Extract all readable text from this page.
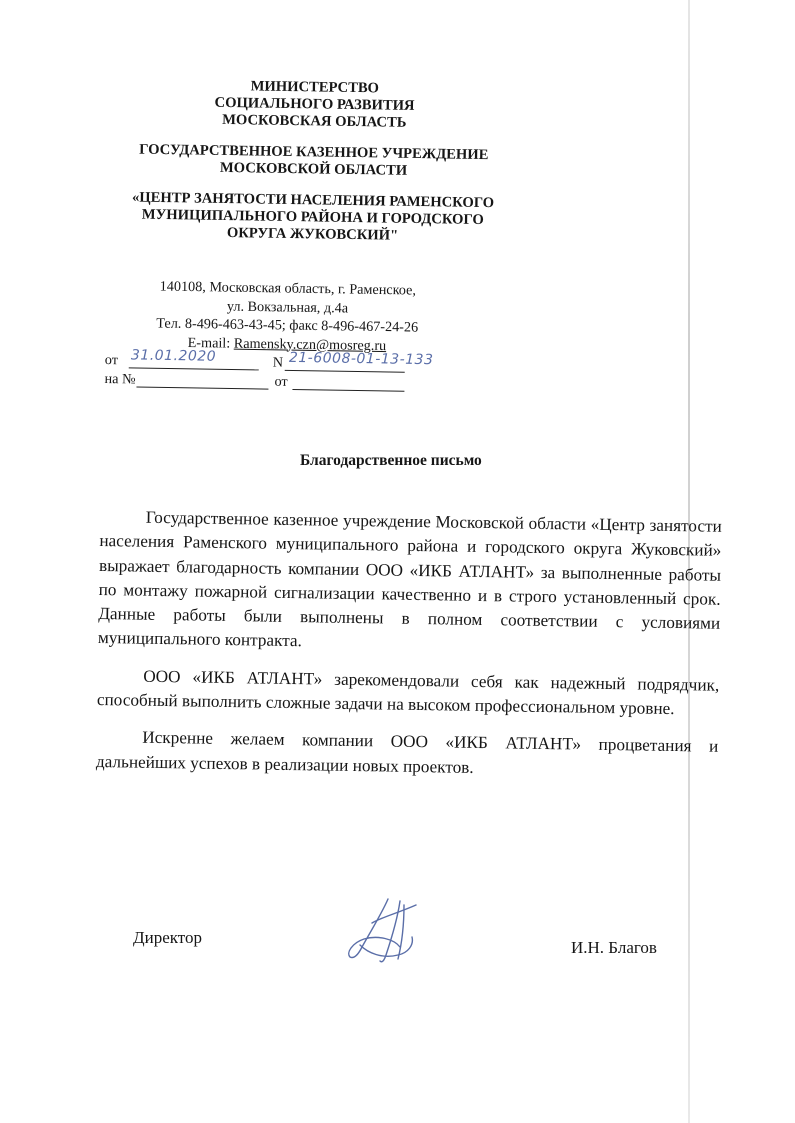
МИНИСТЕРСТВО
СОЦИАЛЬНОГО РАЗВИТИЯ
МОСКОВСКАЯ ОБЛАСТЬ
ГОСУДАРСТВЕННОЕ КАЗЕННОЕ УЧРЕЖДЕНИЕ
МОСКОВСКОЙ ОБЛАСТИ
«ЦЕНТР ЗАНЯТОСТИ НАСЕЛЕНИЯ РАМЕНСКОГО
МУНИЦИПАЛЬНОГО РАЙОНА И ГОРОДСКОГО
ОКРУГА ЖУКОВСКИЙ"
140108, Московская область, г. Раменское,
ул. Вокзальная, д.4а
Тел. 8-496-463-43-45; факс 8-496-467-24-26
E-mail: Ramensky.czn@mosreg.ru
от 31.01.2020	N 21-6008-01-13-133
на №	от
Благодарственное письмо

Государственное казенное учреждение Московской области «Центр занятости населения Раменского муниципального района и городского округа Жуковский» выражает благодарность компании ООО «ИКБ АТЛАНТ» за выполненные работы по монтажу пожарной сигнализации качественно и в строго установленный срок. Данные работы были выполнены в полном соответствии с условиями муниципального контракта.

ООО «ИКБ АТЛАНТ» зарекомендовали себя как надежный подрядчик, способный выполнить сложные задачи на высоком профессиональном уровне.

Искренне желаем компании ООО «ИКБ АТЛАНТ» процветания и дальнейших успехов в реализации новых проектов.

Директор
И.Н. Благов
